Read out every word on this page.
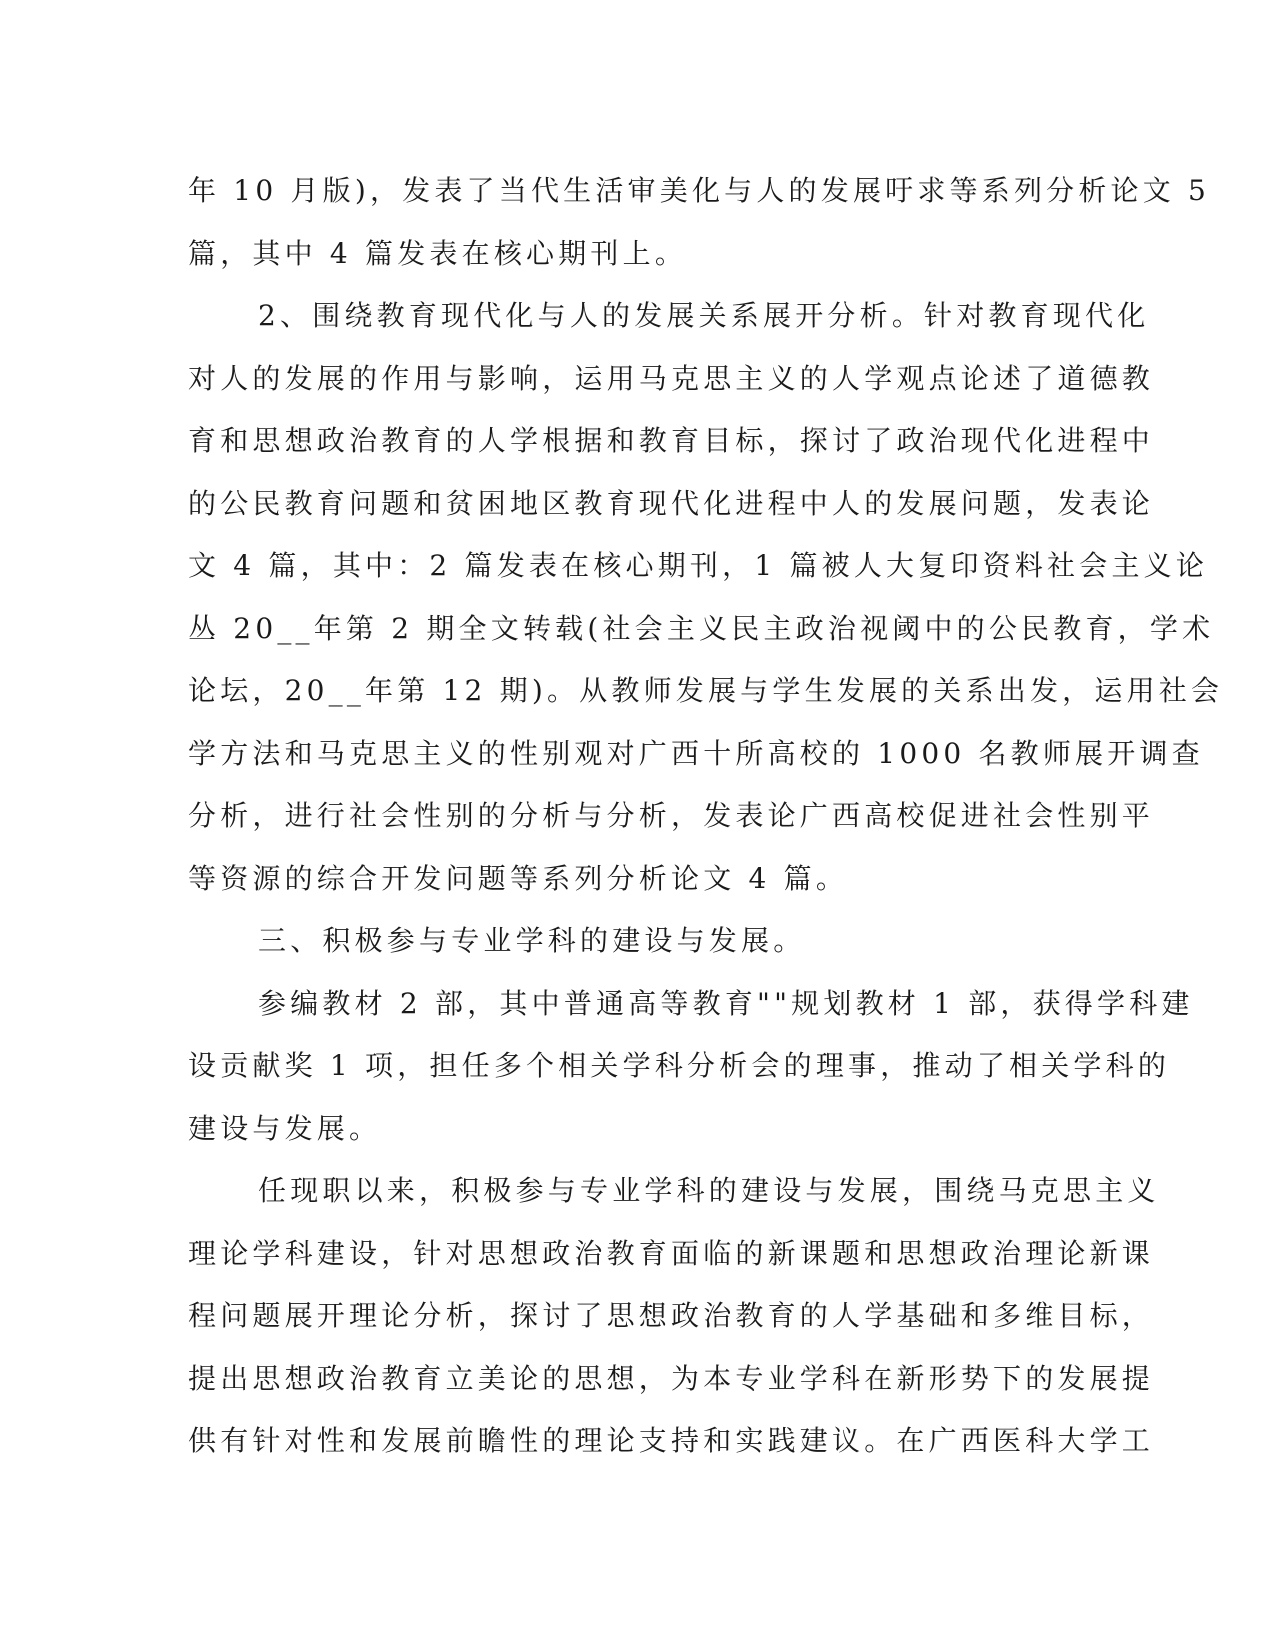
年 10 月版)，发表了当代生活审美化与人的发展吁求等系列分析论文 5
篇，其中 4 篇发表在核心期刊上。

2、围绕教育现代化与人的发展关系展开分析。针对教育现代化
对人的发展的作用与影响，运用马克思主义的人学观点论述了道德教
育和思想政治教育的人学根据和教育目标，探讨了政治现代化进程中
的公民教育问题和贫困地区教育现代化进程中人的发展问题，发表论
文 4 篇，其中：2 篇发表在核心期刊，1 篇被人大复印资料社会主义论
丛 20__年第 2 期全文转载(社会主义民主政治视阈中的公民教育，学术
论坛，20__年第 12 期)。从教师发展与学生发展的关系出发，运用社会
学方法和马克思主义的性别观对广西十所高校的 1000 名教师展开调查
分析，进行社会性别的分析与分析，发表论广西高校促进社会性别平
等资源的综合开发问题等系列分析论文 4 篇。

三、积极参与专业学科的建设与发展。

参编教材 2 部，其中普通高等教育""规划教材 1 部，获得学科建
设贡献奖 1 项，担任多个相关学科分析会的理事，推动了相关学科的
建设与发展。

任现职以来，积极参与专业学科的建设与发展，围绕马克思主义
理论学科建设，针对思想政治教育面临的新课题和思想政治理论新课
程问题展开理论分析，探讨了思想政治教育的人学基础和多维目标，
提出思想政治教育立美论的思想，为本专业学科在新形势下的发展提
供有针对性和发展前瞻性的理论支持和实践建议。在广西医科大学工
